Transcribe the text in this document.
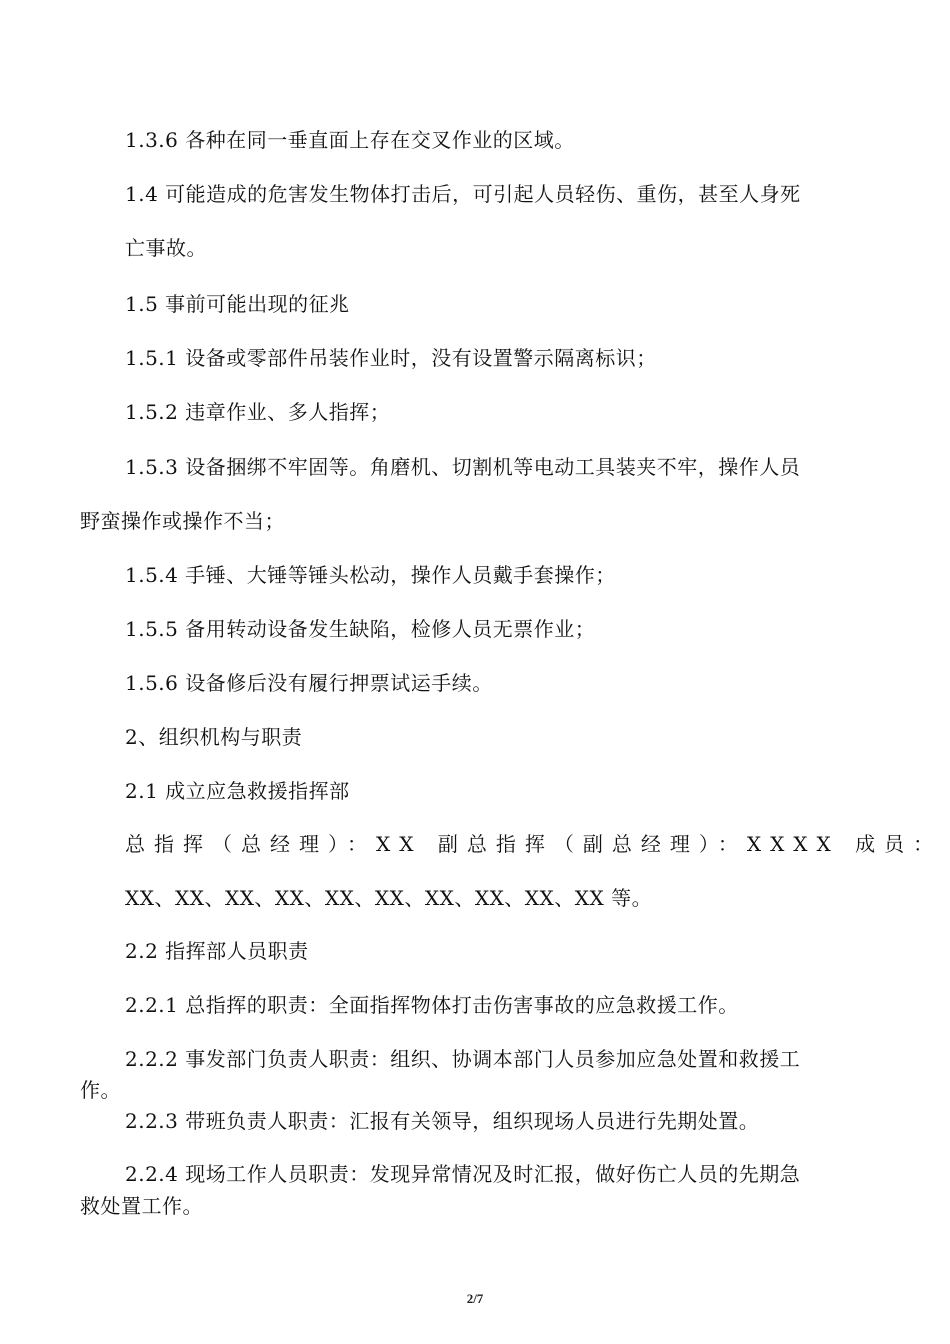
1.3.6 各种在同一垂直面上存在交叉作业的区域。
1.4 可能造成的危害发生物体打击后，可引起人员轻伤、重伤，甚至人身死
亡事故。
1.5 事前可能出现的征兆
1.5.1 设备或零部件吊装作业时，没有设置警示隔离标识；
1.5.2 违章作业、多人指挥；
1.5.3 设备捆绑不牢固等。角磨机、切割机等电动工具装夹不牢，操作人员
野蛮操作或操作不当；
1.5.4 手锤、大锤等锤头松动，操作人员戴手套操作；
1.5.5 备用转动设备发生缺陷，检修人员无票作业；
1.5.6 设备修后没有履行押票试运手续。
2、组织机构与职责
2.1 成立应急救援指挥部
总指挥（总经理）：XX 副总指挥（副总经理）：XXXX 成员：
XX、XX、XX、XX、XX、XX、XX、XX、XX、XX 等。
2.2 指挥部人员职责
2.2.1 总指挥的职责：全面指挥物体打击伤害事故的应急救援工作。
2.2.2 事发部门负责人职责：组织、协调本部门人员参加应急处置和救援工
作。
2.2.3 带班负责人职责：汇报有关领导，组织现场人员进行先期处置。
2.2.4 现场工作人员职责：发现异常情况及时汇报，做好伤亡人员的先期急
救处置工作。
2/7
